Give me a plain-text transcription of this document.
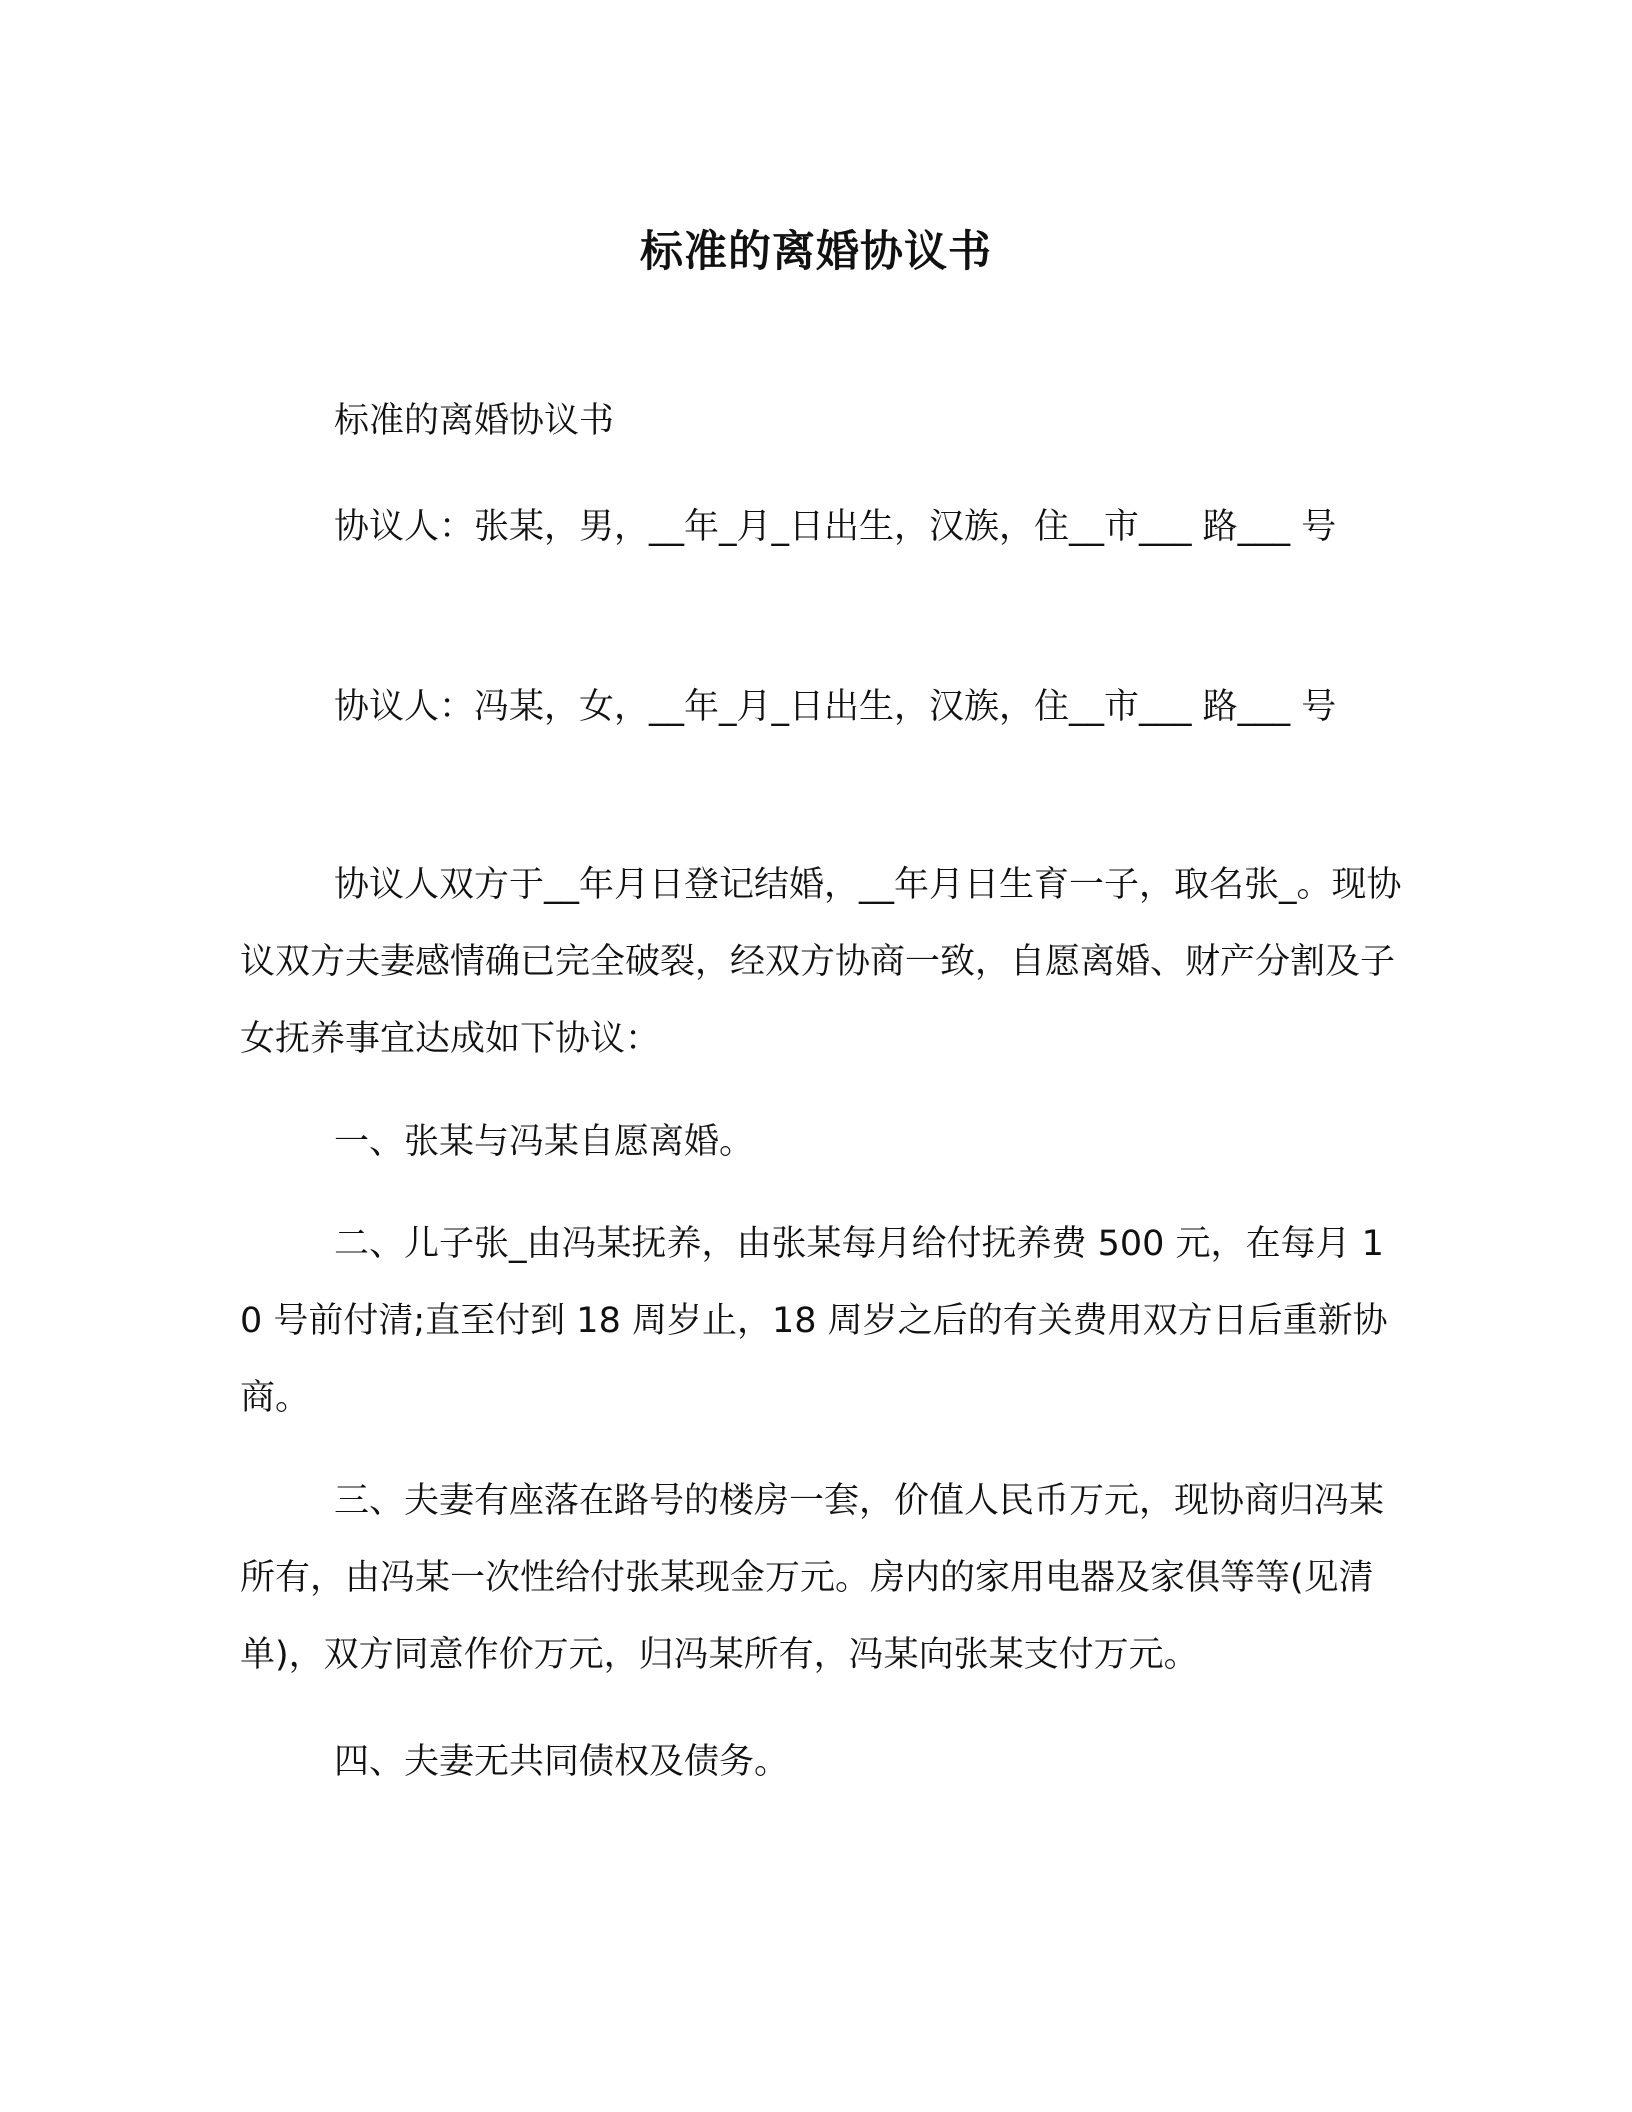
标准的离婚协议书

标准的离婚协议书

协议人：张某，男，__年_月_日出生，汉族，住__市___ 路___ 号

协议人：冯某，女，__年_月_日出生，汉族，住__市___ 路___ 号

协议人双方于__年月日登记结婚，__年月日生育一子，取名张_。现协议双方夫妻感情确已完全破裂，经双方协商一致，自愿离婚、财产分割及子女抚养事宜达成如下协议：

一、张某与冯某自愿离婚。

二、儿子张_由冯某抚养，由张某每月给付抚养费 500 元，在每月 10 号前付清;直至付到 18 周岁止，18 周岁之后的有关费用双方日后重新协商。

三、夫妻有座落在路号的楼房一套，价值人民币万元，现协商归冯某所有，由冯某一次性给付张某现金万元。房内的家用电器及家俱等等(见清单)，双方同意作价万元，归冯某所有，冯某向张某支付万元。

四、夫妻无共同债权及债务。
